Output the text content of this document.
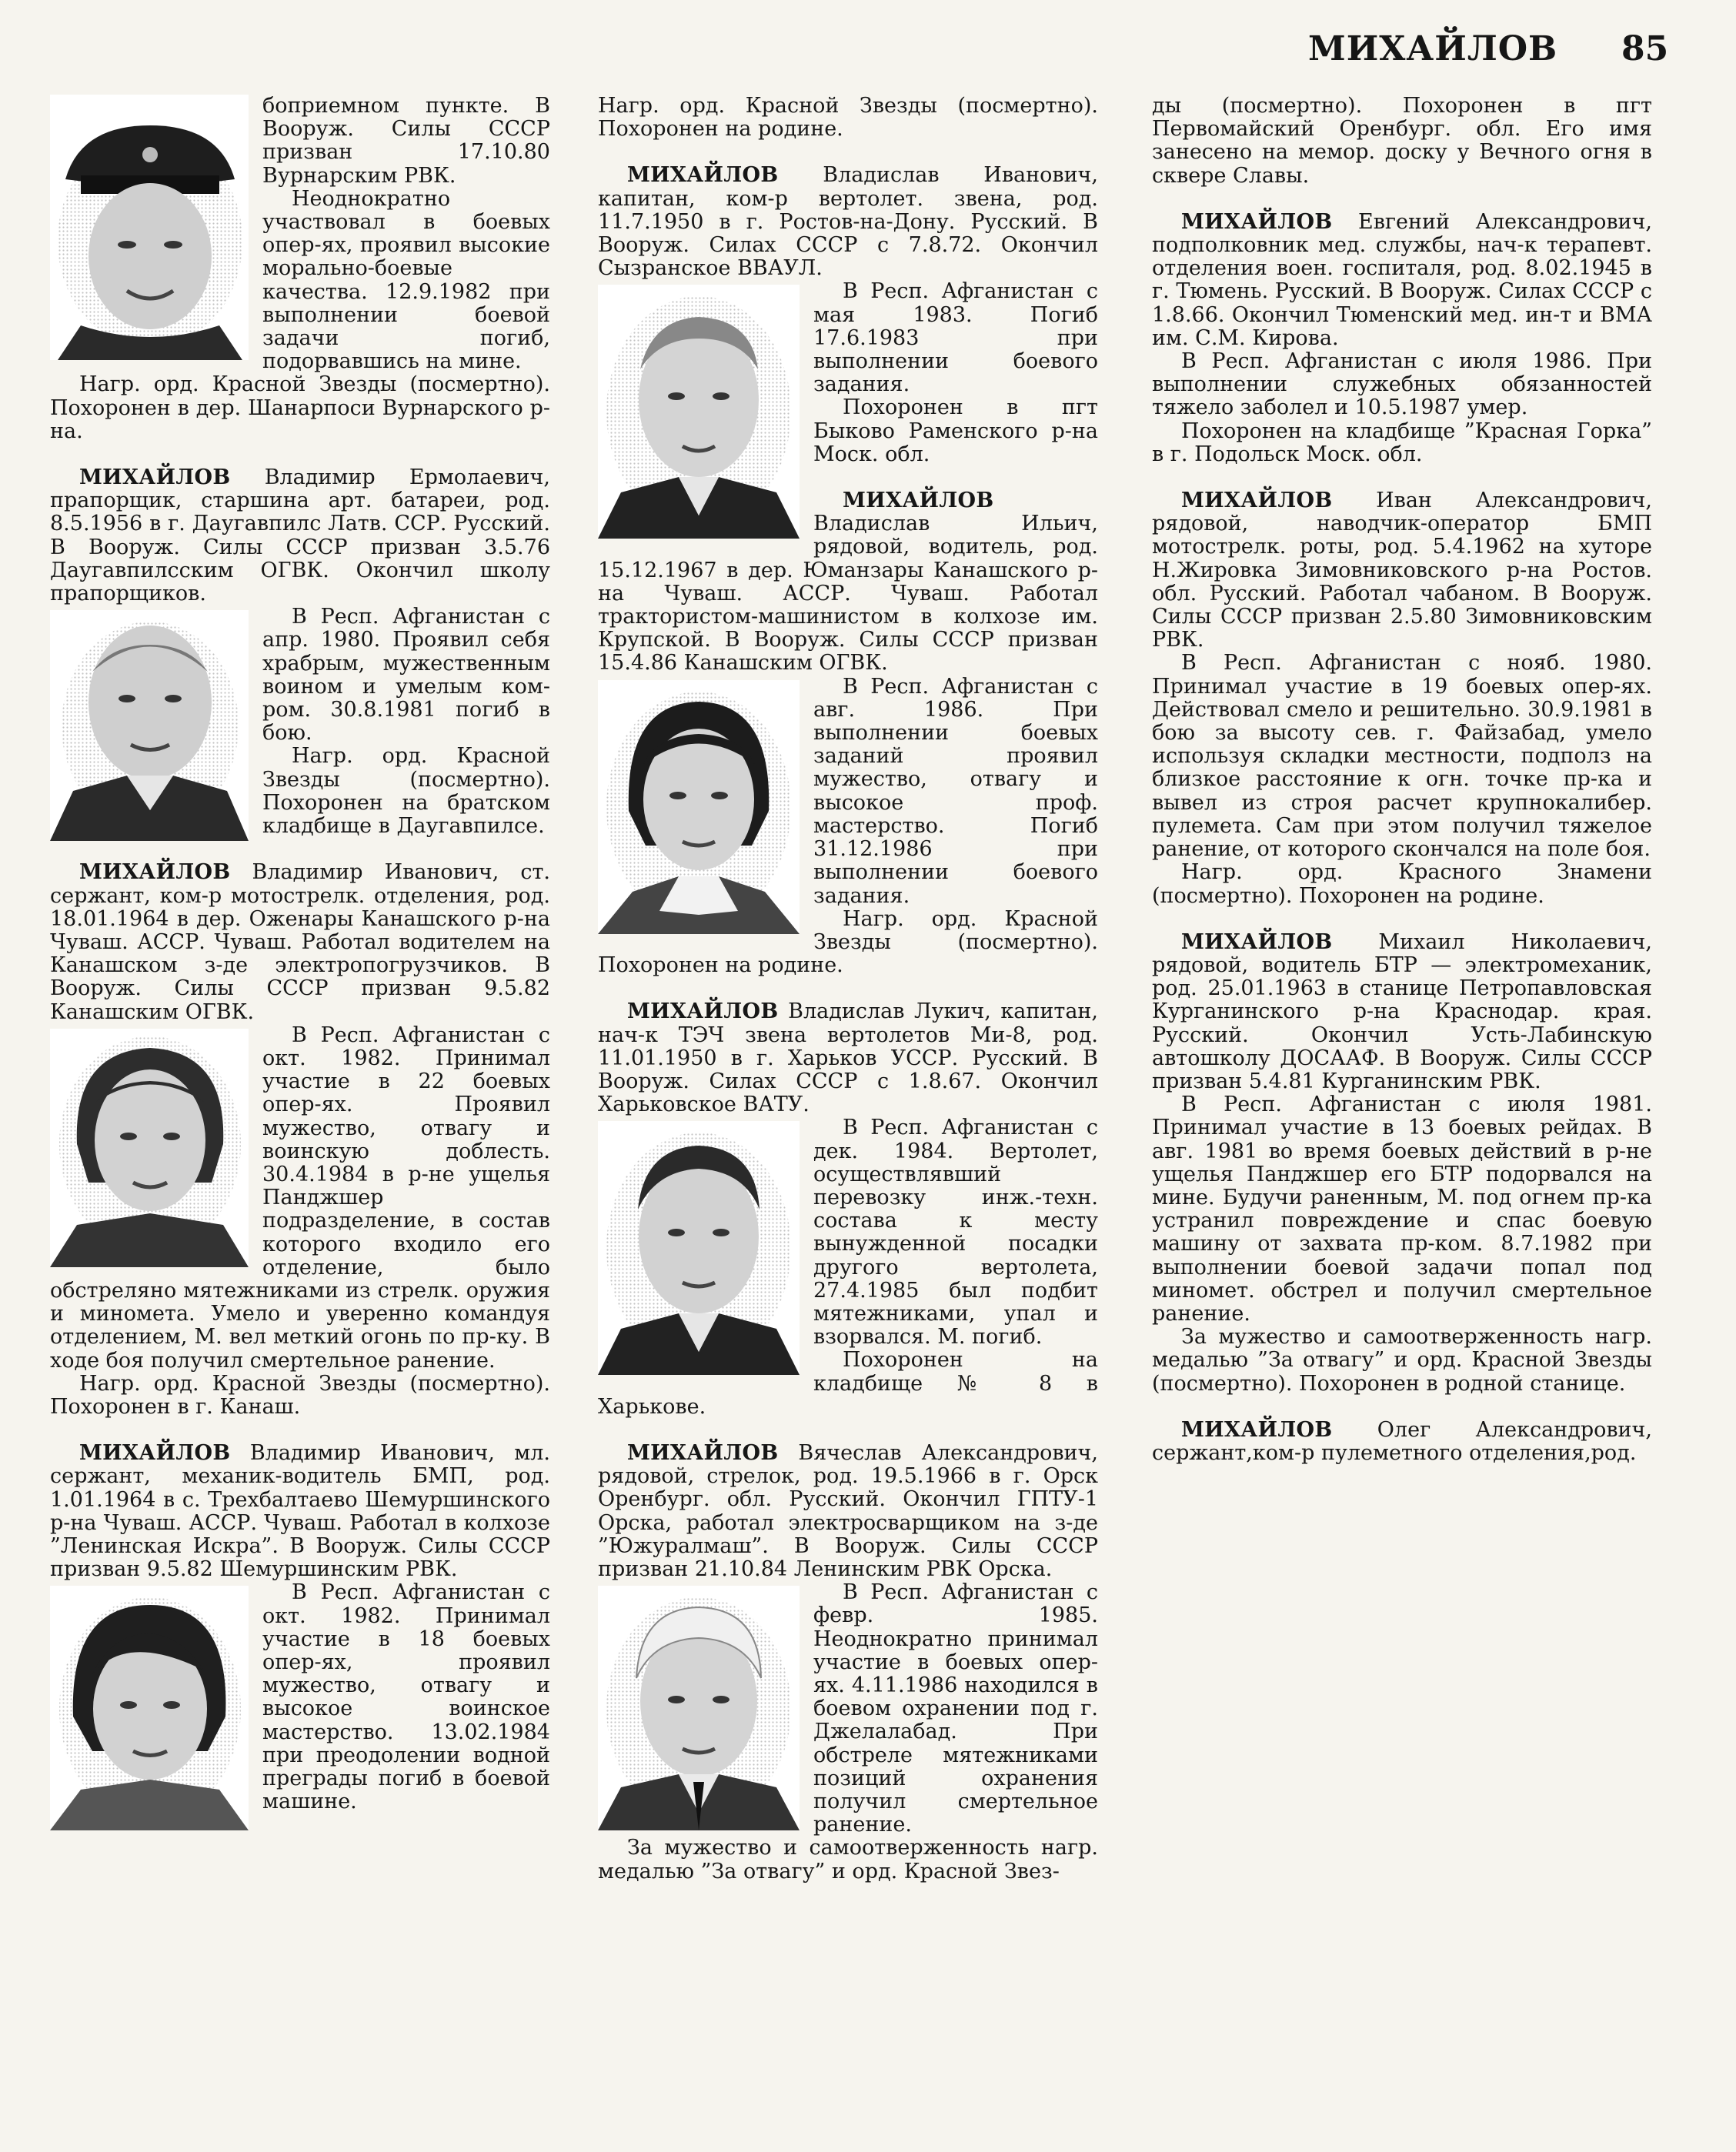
МИХАЙЛОВ 85

боприемном пункте. В Вооруж. Силы СССР призван 17.10.80 Вурнарским РВК.

Неоднократно участвовал в боевых опер-ях, проявил высокие морально-боевые качества. 12.9.1982 при выполнении боевой задачи погиб, подорвавшись на мине.

Нагр. орд. Красной Звезды (посмертно). Похоронен в дер. Шанарпоси Вурнарского р-на.

МИХАЙЛОВ Владимир Ермолаевич, прапорщик, старшина арт. батареи, род. 8.5.1956 в г. Даугавпилс Латв. ССР. Русский. В Вооруж. Силы СССР призван 3.5.76 Даугавпилсским ОГВК. Окончил школу прапорщиков.

В Респ. Афганистан с апр. 1980. Проявил себя храбрым, мужественным воином и умелым ком-ром. 30.8.1981 погиб в бою.

Нагр. орд. Красной Звезды (посмертно). Похоронен на братском кладбище в Даугавпилсе.

МИХАЙЛОВ Владимир Иванович, ст. сержант, ком-р мотострелк. отделения, род. 18.01.1964 в дер. Оженары Канашского р-на Чуваш. АССР. Чуваш. Работал водителем на Канашском з-де электропогрузчиков. В Вооруж. Силы СССР призван 9.5.82 Канашским ОГВК.

В Респ. Афганистан с окт. 1982. Принимал участие в 22 боевых опер-ях. Проявил мужество, отвагу и воинскую доблесть. 30.4.1984 в р-не ущелья Панджшер подразделение, в состав которого входило его отделение, было обстреляно мятежниками из стрелк. оружия и миномета. Умело и уверенно командуя отделением, М. вел меткий огонь по пр-ку. В ходе боя получил смертельное ранение.

Нагр. орд. Красной Звезды (посмертно). Похоронен в г. Канаш.

МИХАЙЛОВ Владимир Иванович, мл. сержант, механик-водитель БМП, род. 1.01.1964 в с. Трехбалтаево Шемуршинского р-на Чуваш. АССР. Чуваш. Работал в колхозе ”Ленинская Искра”. В Вооруж. Силы СССР призван 9.5.82 Шемуршинским РВК.

В Респ. Афганистан с окт. 1982. Принимал участие в 18 боевых опер-ях, проявил мужество, отвагу и высокое воинское мастерство. 13.02.1984 при преодолении водной преграды погиб в боевой машине.

Нагр. орд. Красной Звезды (посмертно). Похоронен на родине.

МИХАЙЛОВ Владислав Иванович, капитан, ком-р вертолет. звена, род. 11.7.1950 в г. Ростов-на-Дону. Русский. В Вооруж. Силах СССР с 7.8.72. Окончил Сызранское ВВАУЛ.

В Респ. Афганистан с мая 1983. Погиб 17.6.1983 при выполнении боевого задания.

Похоронен в пгт Быково Раменского р-на Моск. обл.

МИХАЙЛОВ Владислав Ильич, рядовой, водитель, род. 15.12.1967 в дер. Юманзары Канашского р-на Чуваш. АССР. Чуваш. Работал трактористом-машинистом в колхозе им. Крупской. В Вооруж. Силы СССР призван 15.4.86 Канашским ОГВК.

В Респ. Афганистан с авг. 1986. При выполнении боевых заданий проявил мужество, отвагу и высокое проф. мастерство. Погиб 31.12.1986 при выполнении боевого задания.

Нагр. орд. Красной Звезды (посмертно). Похоронен на родине.

МИХАЙЛОВ Владислав Лукич, капитан, нач-к ТЭЧ звена вертолетов Ми-8, род. 11.01.1950 в г. Харьков УССР. Русский. В Вооруж. Силах СССР с 1.8.67. Окончил Харьковское ВАТУ.

В Респ. Афганистан с дек. 1984. Вертолет, осуществлявший перевозку инж.-техн. состава к месту вынужденной посадки другого вертолета, 27.4.1985 был подбит мятежниками, упал и взорвался. М. погиб.

Похоронен на кладбище № 8 в Харькове.

МИХАЙЛОВ Вячеслав Александрович, рядовой, стрелок, род. 19.5.1966 в г. Орск Оренбург. обл. Русский. Окончил ГПТУ-1 Орска, работал электросварщиком на з-де ”Южуралмаш”. В Вооруж. Силы СССР призван 21.10.84 Ленинским РВК Орска.

В Респ. Афганистан с февр. 1985. Неоднократно принимал участие в боевых опер-ях. 4.11.1986 находился в боевом охранении под г. Джелалабад. При обстреле мятежниками позиций охранения получил смертельное ранение.

За мужество и самоотверженность нагр. медалью ”За отвагу” и орд. Красной Звез-

ды (посмертно). Похоронен в пгт Первомайский Оренбург. обл. Его имя занесено на мемор. доску у Вечного огня в сквере Славы.

МИХАЙЛОВ Евгений Александрович, подполковник мед. службы, нач-к терапевт. отделения воен. госпиталя, род. 8.02.1945 в г. Тюмень. Русский. В Вооруж. Силах СССР с 1.8.66. Окончил Тюменский мед. ин-т и ВМА им. С.М. Кирова.

В Респ. Афганистан с июля 1986. При выполнении служебных обязанностей тяжело заболел и 10.5.1987 умер.

Похоронен на кладбище ”Красная Горка” в г. Подольск Моск. обл.

МИХАЙЛОВ Иван Александрович, рядовой, наводчик-оператор БМП мотострелк. роты, род. 5.4.1962 на хуторе Н.Жировка Зимовниковского р-на Ростов. обл. Русский. Работал чабаном. В Вооруж. Силы СССР призван 2.5.80 Зимовниковским РВК.

В Респ. Афганистан с нояб. 1980. Принимал участие в 19 боевых опер-ях. Действовал смело и решительно. 30.9.1981 в бою за высоту сев. г. Файзабад, умело используя складки местности, подполз на близкое расстояние к огн. точке пр-ка и вывел из строя расчет крупнокалибер. пулемета. Сам при этом получил тяжелое ранение, от которого скончался на поле боя.

Нагр. орд. Красного Знамени (посмертно). Похоронен на родине.

МИХАЙЛОВ Михаил Николаевич, рядовой, водитель БТР — электромеханик, род. 25.01.1963 в станице Петропавловская Курганинского р-на Краснодар. края. Русский. Окончил Усть-Лабинскую автошколу ДОСААФ. В Вооруж. Силы СССР призван 5.4.81 Курганинским РВК.

В Респ. Афганистан с июля 1981. Принимал участие в 13 боевых рейдах. В авг. 1981 во время боевых действий в р-не ущелья Панджшер его БТР подорвался на мине. Будучи раненным, М. под огнем пр-ка устранил повреждение и спас боевую машину от захвата пр-ком. 8.7.1982 при выполнении боевой задачи попал под миномет. обстрел и получил смертельное ранение.

За мужество и самоотверженность нагр. медалью ”За отвагу” и орд. Красной Звезды (посмертно). Похоронен в родной станице.

МИХАЙЛОВ Олег Александрович, сержант,ком-р пулеметного отделения,род.
